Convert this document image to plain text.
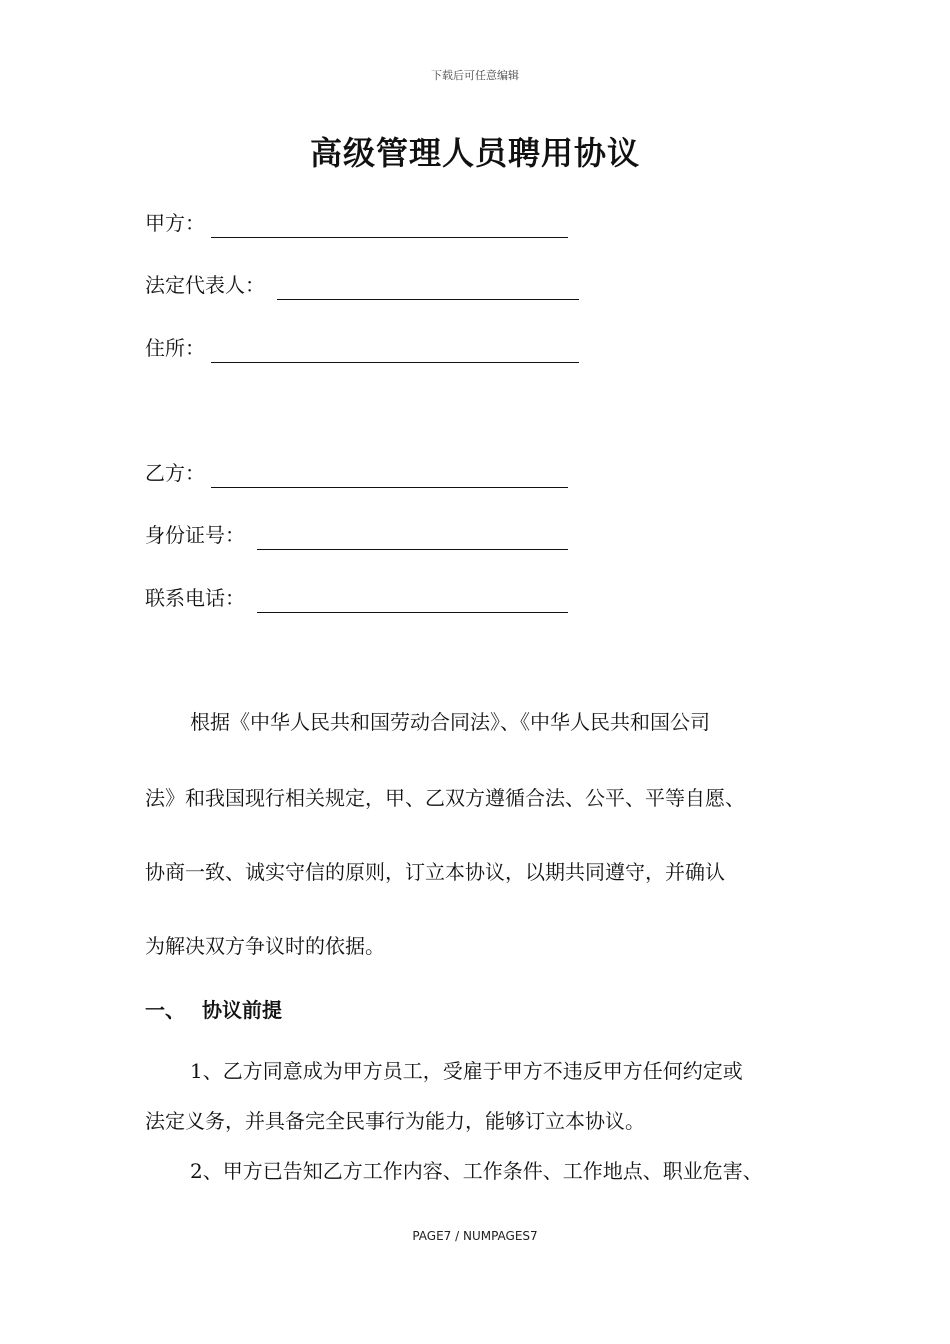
下载后可任意编辑
高级管理人员聘用协议
甲方：
法定代表人：
住所：
乙方：
身份证号：
联系电话：
根据《中华人民共和国劳动合同法》、《中华人民共和国公司
法》和我国现行相关规定，甲、乙双方遵循合法、公平、平等自愿、
协商一致、诚实守信的原则，订立本协议，以期共同遵守，并确认
为解决双方争议时的依据。
一、 协议前提
1、乙方同意成为甲方员工，受雇于甲方不违反甲方任何约定或
法定义务，并具备完全民事行为能力，能够订立本协议。
2、甲方已告知乙方工作内容、工作条件、工作地点、职业危害、
PAGE7 / NUMPAGES7
